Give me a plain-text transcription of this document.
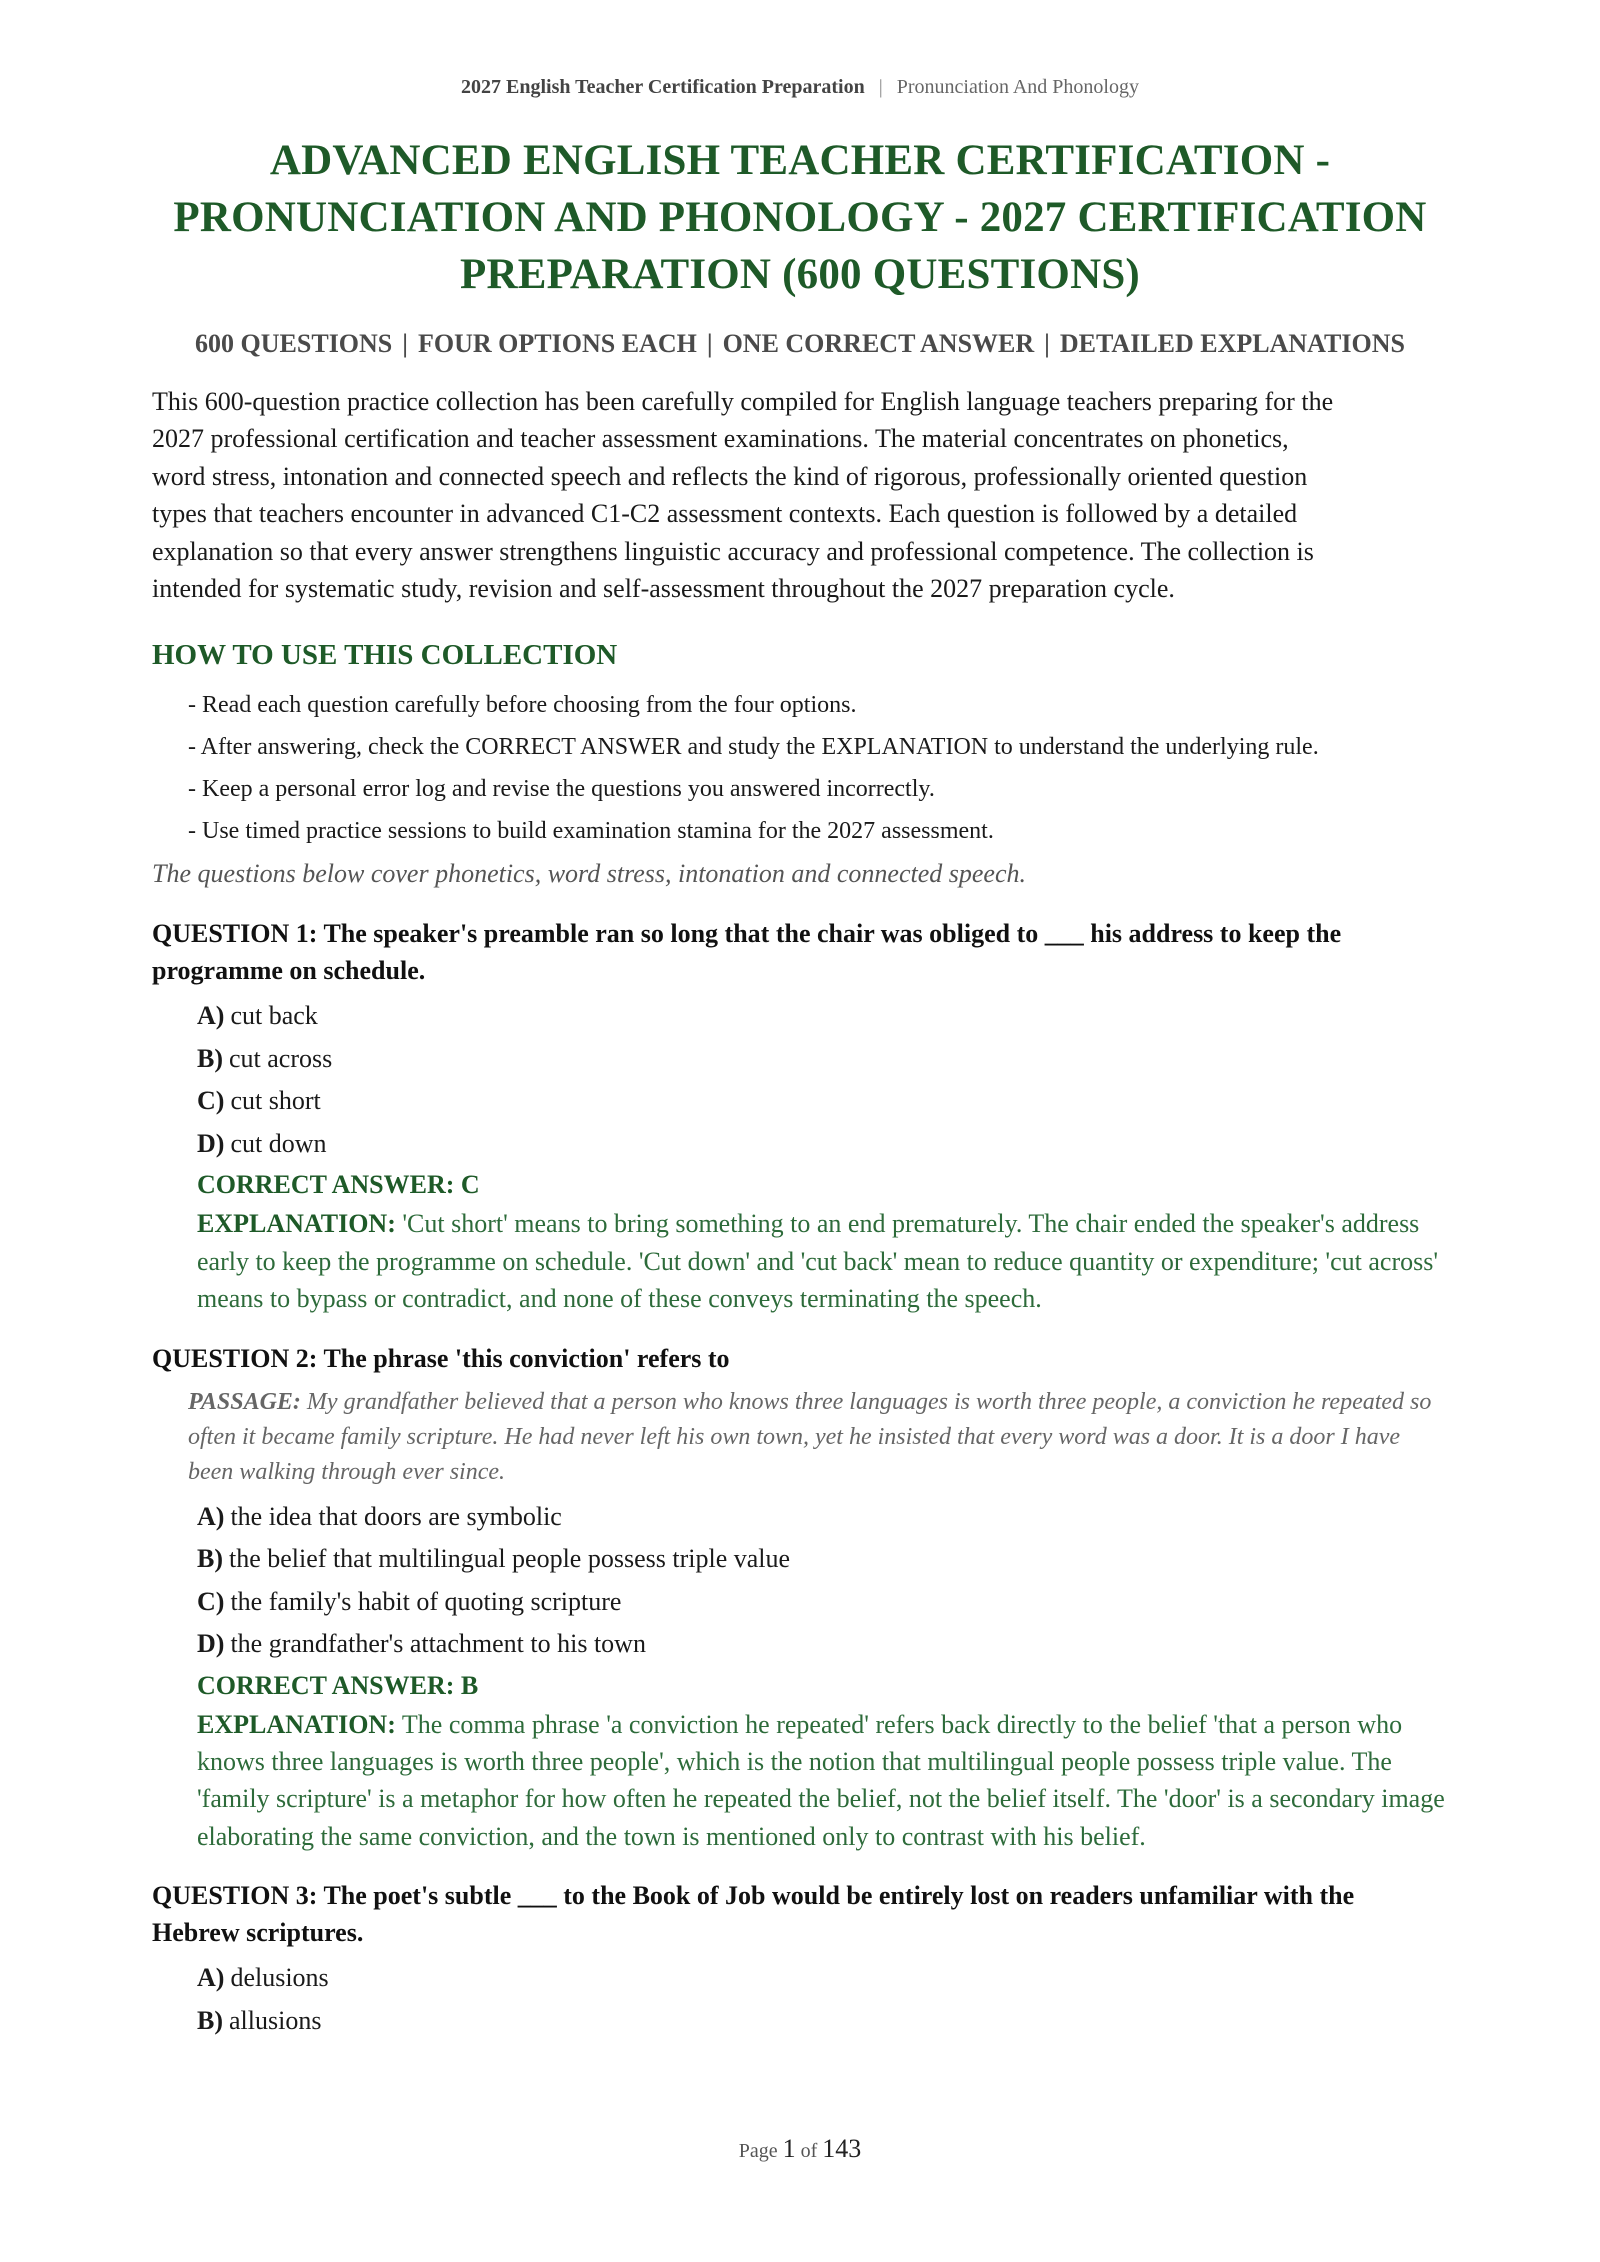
2027 English Teacher Certification Preparation | Pronunciation And Phonology
ADVANCED ENGLISH TEACHER CERTIFICATION -
PRONUNCIATION AND PHONOLOGY - 2027 CERTIFICATION
PREPARATION (600 QUESTIONS)
600 QUESTIONS | FOUR OPTIONS EACH | ONE CORRECT ANSWER | DETAILED EXPLANATIONS
This 600-question practice collection has been carefully compiled for English language teachers preparing for the
2027 professional certification and teacher assessment examinations. The material concentrates on phonetics,
word stress, intonation and connected speech and reflects the kind of rigorous, professionally oriented question
types that teachers encounter in advanced C1-C2 assessment contexts. Each question is followed by a detailed
explanation so that every answer strengthens linguistic accuracy and professional competence. The collection is
intended for systematic study, revision and self-assessment throughout the 2027 preparation cycle.
HOW TO USE THIS COLLECTION
- Read each question carefully before choosing from the four options.
- After answering, check the CORRECT ANSWER and study the EXPLANATION to understand the underlying rule.
- Keep a personal error log and revise the questions you answered incorrectly.
- Use timed practice sessions to build examination stamina for the 2027 assessment.
The questions below cover phonetics, word stress, intonation and connected speech.
QUESTION 1: The speaker's preamble ran so long that the chair was obliged to ___ his address to keep the programme on schedule.
A) cut back
B) cut across
C) cut short
D) cut down
CORRECT ANSWER: C
EXPLANATION: 'Cut short' means to bring something to an end prematurely. The chair ended the speaker's address early to keep the programme on schedule. 'Cut down' and 'cut back' mean to reduce quantity or expenditure; 'cut across' means to bypass or contradict, and none of these conveys terminating the speech.
QUESTION 2: The phrase 'this conviction' refers to
PASSAGE: My grandfather believed that a person who knows three languages is worth three people, a conviction he repeated so often it became family scripture. He had never left his own town, yet he insisted that every word was a door. It is a door I have been walking through ever since.
A) the idea that doors are symbolic
B) the belief that multilingual people possess triple value
C) the family's habit of quoting scripture
D) the grandfather's attachment to his town
CORRECT ANSWER: B
EXPLANATION: The comma phrase 'a conviction he repeated' refers back directly to the belief 'that a person who knows three languages is worth three people', which is the notion that multilingual people possess triple value. The 'family scripture' is a metaphor for how often he repeated the belief, not the belief itself. The 'door' is a secondary image elaborating the same conviction, and the town is mentioned only to contrast with his belief.
QUESTION 3: The poet's subtle ___ to the Book of Job would be entirely lost on readers unfamiliar with the Hebrew scriptures.
A) delusions
B) allusions
Page 1 of 143
